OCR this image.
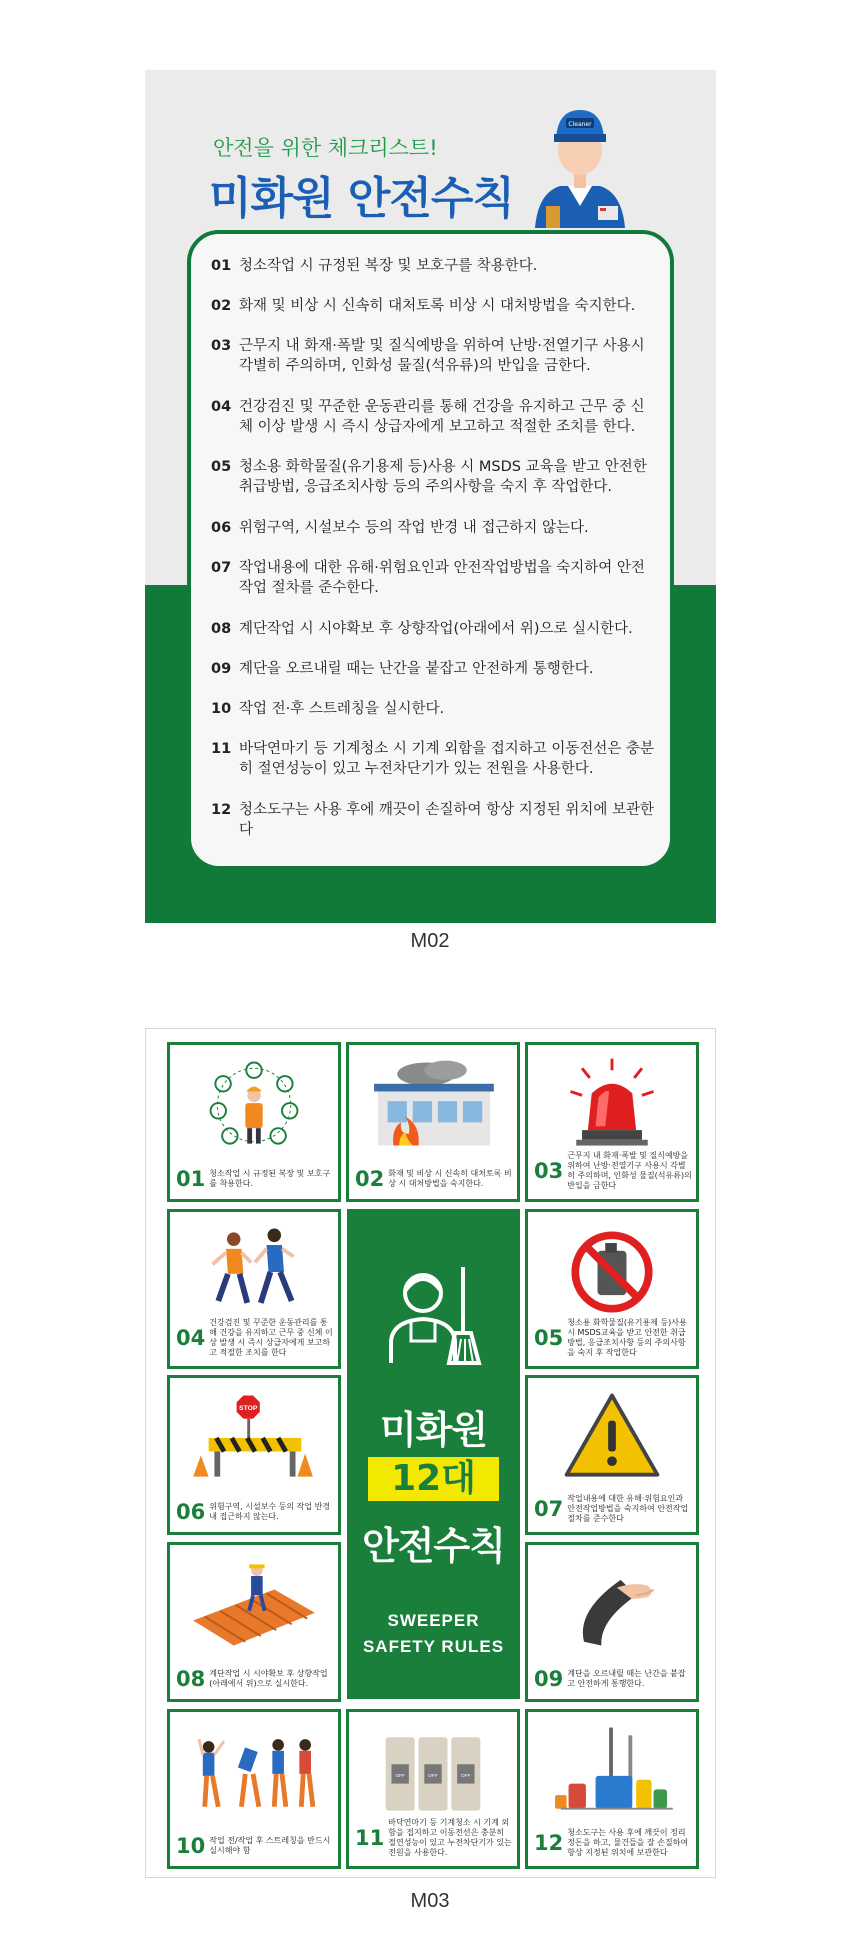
안전을 위한 체크리스트!
미화원 안전수칙
Cleaner
01 청소작업 시 규정된 복장 및 보호구를 착용한다.
02 화재 및 비상 시 신속히 대처토록 비상 시 대처방법을 숙지한다.
03 근무지 내 화재·폭발 및 질식예방을 위하여 난방·전열기구 사용시 각별히 주의하며, 인화성 물질(석유류)의 반입을 금한다.
04 건강검진 및 꾸준한 운동관리를 통해 건강을 유지하고 근무 중 신체 이상 발생 시 즉시 상급자에게 보고하고 적절한 조치를 한다.
05 청소용 화학물질(유기용제 등)사용 시 MSDS 교육을 받고 안전한 취급방법, 응급조치사항 등의 주의사항을 숙지 후 작업한다.
06 위험구역, 시설보수 등의 작업 반경 내 접근하지 않는다.
07 작업내용에 대한 유해·위험요인과 안전작업방법을 숙지하여 안전작업 절차를 준수한다.
08 계단작업 시 시야확보 후 상향작업(아래에서 위)으로 실시한다.
09 계단을 오르내릴 때는 난간을 붙잡고 안전하게 통행한다.
10 작업 전·후 스트레칭을 실시한다.
11 바닥연마기 등 기계청소 시 기계 외함을 접지하고 이동전선은 충분히 절연성능이 있고 누전차단기가 있는 전원을 사용한다.
12 청소도구는 사용 후에 깨끗이 손질하여 항상 지정된 위치에 보관한다
M02
01 청소작업 시 규정된 복장 및 보호구를 착용한다.	02 화재 및 비상 시 신속히 대처토록 비상 시 대처방법을 숙지한다.
03
근무지 내 화재·폭발 및 질식예방을 위하여 난방·전열기구 사용시 각별히 주의하며, 인화성 물질(석유류)의 반입을 금한다
04
건강검진 및 꾸준한 운동관리를 통해 건강을 유지하고 근무 중 신체 이상 발생 시 즉시 상급자에게 보고하고 적절한 조치를 한다
05
청소용 화학물질(유기용제 등)사용 시 MSDS교육을 받고 안전한 취급방법, 응급조치사항 등의 주의사항을 숙지 후 작업한다
STOP
06 위험구역, 시설보수 등의 작업 반경 내 접근하지 않는다.	07 작업내용에 대한 유해·위험요인과 안전작업방법을 숙지하여 안전작업 절차를 준수한다
08 계단작업 시 시야확보 후 상향작업 (아래에서 위)으로 실시한다.	09 계단을 오르내릴 때는 난간을 붙잡고 안전하게 통행한다.
10 작업 전/작업 후 스트레칭을 반드시 실시해야 함
OFF	OFF	OFF
11
바닥연마기 등 기계청소 시 기계 외함을 접지하고 이동전선은 충분히 절연성능이 있고 누전차단기가 있는 전원을 사용한다.	12 청소도구는 사용 후에 깨끗이 정리 정돈을 하고, 물건들을 잘 손질하여 항상 지정된 위치에 보관한다
미화원
12대
안전수칙
SWEEPER
SAFETY RULES
M03
